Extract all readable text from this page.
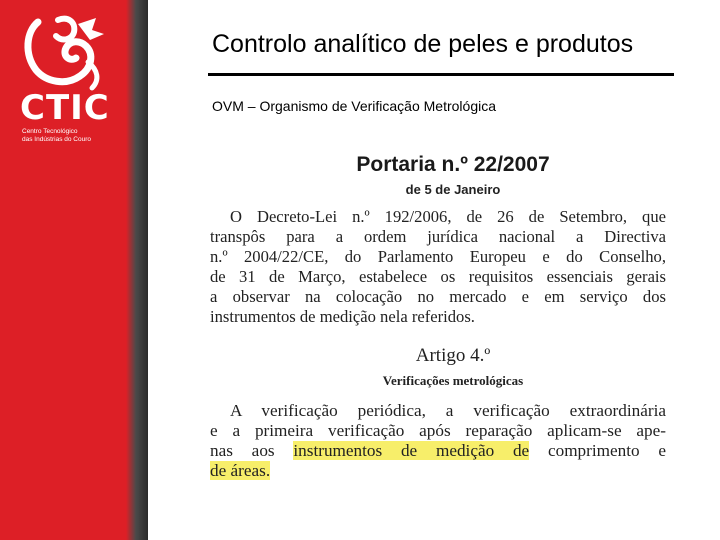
CTIC
Centro Tecnológico
das Indústrias do Couro
Controlo analítico de peles e produtos
OVM – Organismo de Verificação Metrológica
Portaria n.º 22/2007
de 5 de Janeiro
O Decreto-Lei n.º 192/2006, de 26 de Setembro, que
transpôs para a ordem jurídica nacional a Directiva
n.º 2004/22/CE, do Parlamento Europeu e do Conselho,
de 31 de Março, estabelece os requisitos essenciais gerais
a observar na colocação no mercado e em serviço dos
instrumentos de medição nela referidos.
Artigo 4.º
Verificações metrológicas
A verificação periódica, a verificação extraordinária
e a primeira verificação após reparação aplicam-se ape-
nas aos instrumentos de medição de comprimento e
de áreas.
